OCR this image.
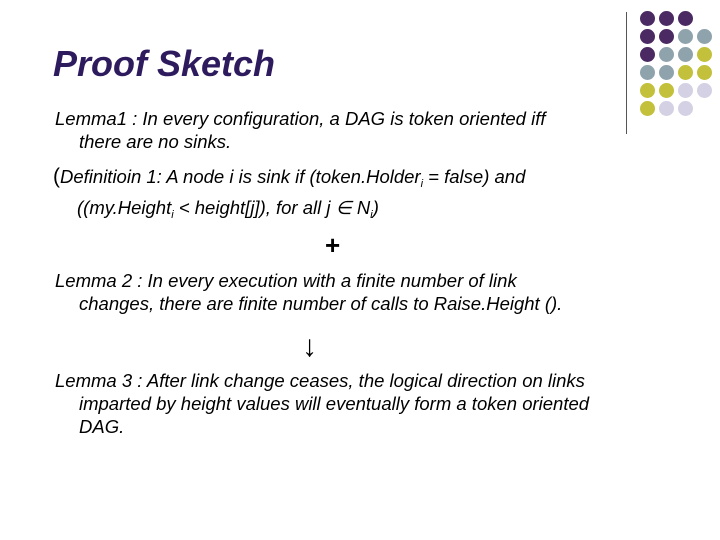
Proof Sketch
Lemma1 : In every configuration, a DAG is token oriented iff
there are no sinks.
(Definitioin 1: A node i is sink if (token.Holder$_i$ = false) and
((my.Height$_i$ < height[j]), for all j ∈ $N_i$)
+
Lemma 2 : In every execution with a finite number of link
changes, there are finite number of calls to Raise.Height ().
↓
Lemma 3 : After link change ceases, the logical direction on links
imparted by height values will eventually form a token oriented
DAG.
